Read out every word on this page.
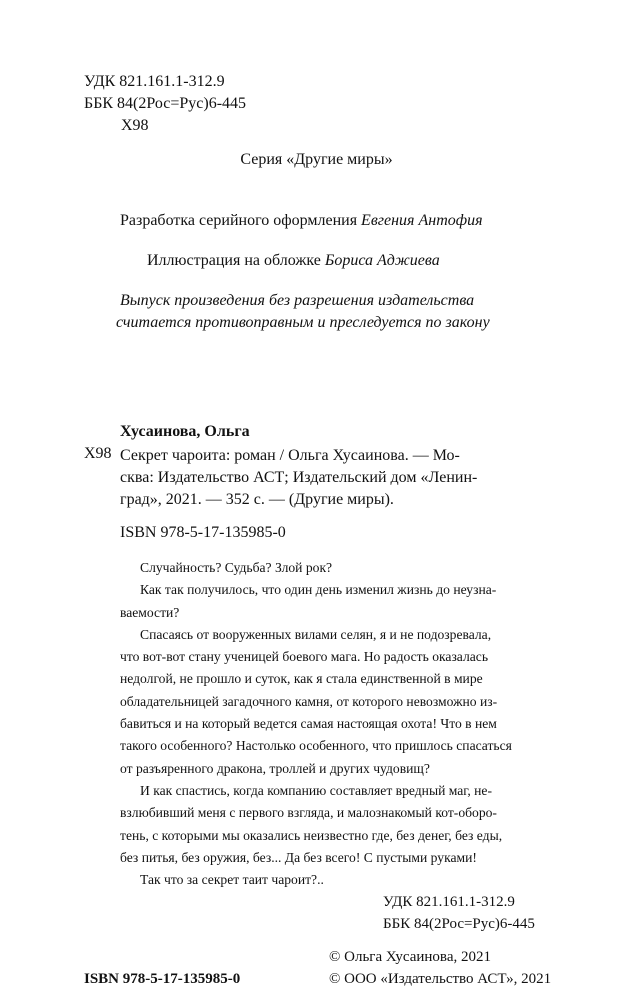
УДК 821.161.1-312.9
ББК 84(2Рос=Рус)6-445
Х98
Серия «Другие миры»
Разработка серийного оформления Евгения Антофия
Иллюстрация на обложке Бориса Аджиева
Выпуск произведения без разрешения издательства
считается противоправным и преследуется по закону
Хусаинова, Ольга
Х98 Секрет чароита: роман / Ольга Хусаинова. — Мо-
сква: Издательство АСТ; Издательский дом «Ленин-
град», 2021. — 352 с. — (Другие миры).
ISBN 978-5-17-135985-0
Случайность? Судьба? Злой рок?
Как так получилось, что один день изменил жизнь до неузна-
ваемости?
Спасаясь от вооруженных вилами селян, я и не подозревала,
что вот-вот стану ученицей боевого мага. Но радость оказалась
недолгой, не прошло и суток, как я стала единственной в мире
обладательницей загадочного камня, от которого невозможно из-
бавиться и на который ведется самая настоящая охота! Что в нем
такого особенного? Настолько особенного, что пришлось спасаться
от разъяренного дракона, троллей и других чудовищ?
И как спастись, когда компанию составляет вредный маг, не-
взлюбивший меня с первого взгляда, и малознакомый кот-оборо-
тень, с которыми мы оказались неизвестно где, без денег, без еды,
без питья, без оружия, без... Да без всего! С пустыми руками!
Так что за секрет таит чароит?..
УДК 821.161.1-312.9
ББК 84(2Рос=Рус)6-445
© Ольга Хусаинова, 2021
ISBN 978-5-17-135985-0	© ООО «Издательство АСТ», 2021
